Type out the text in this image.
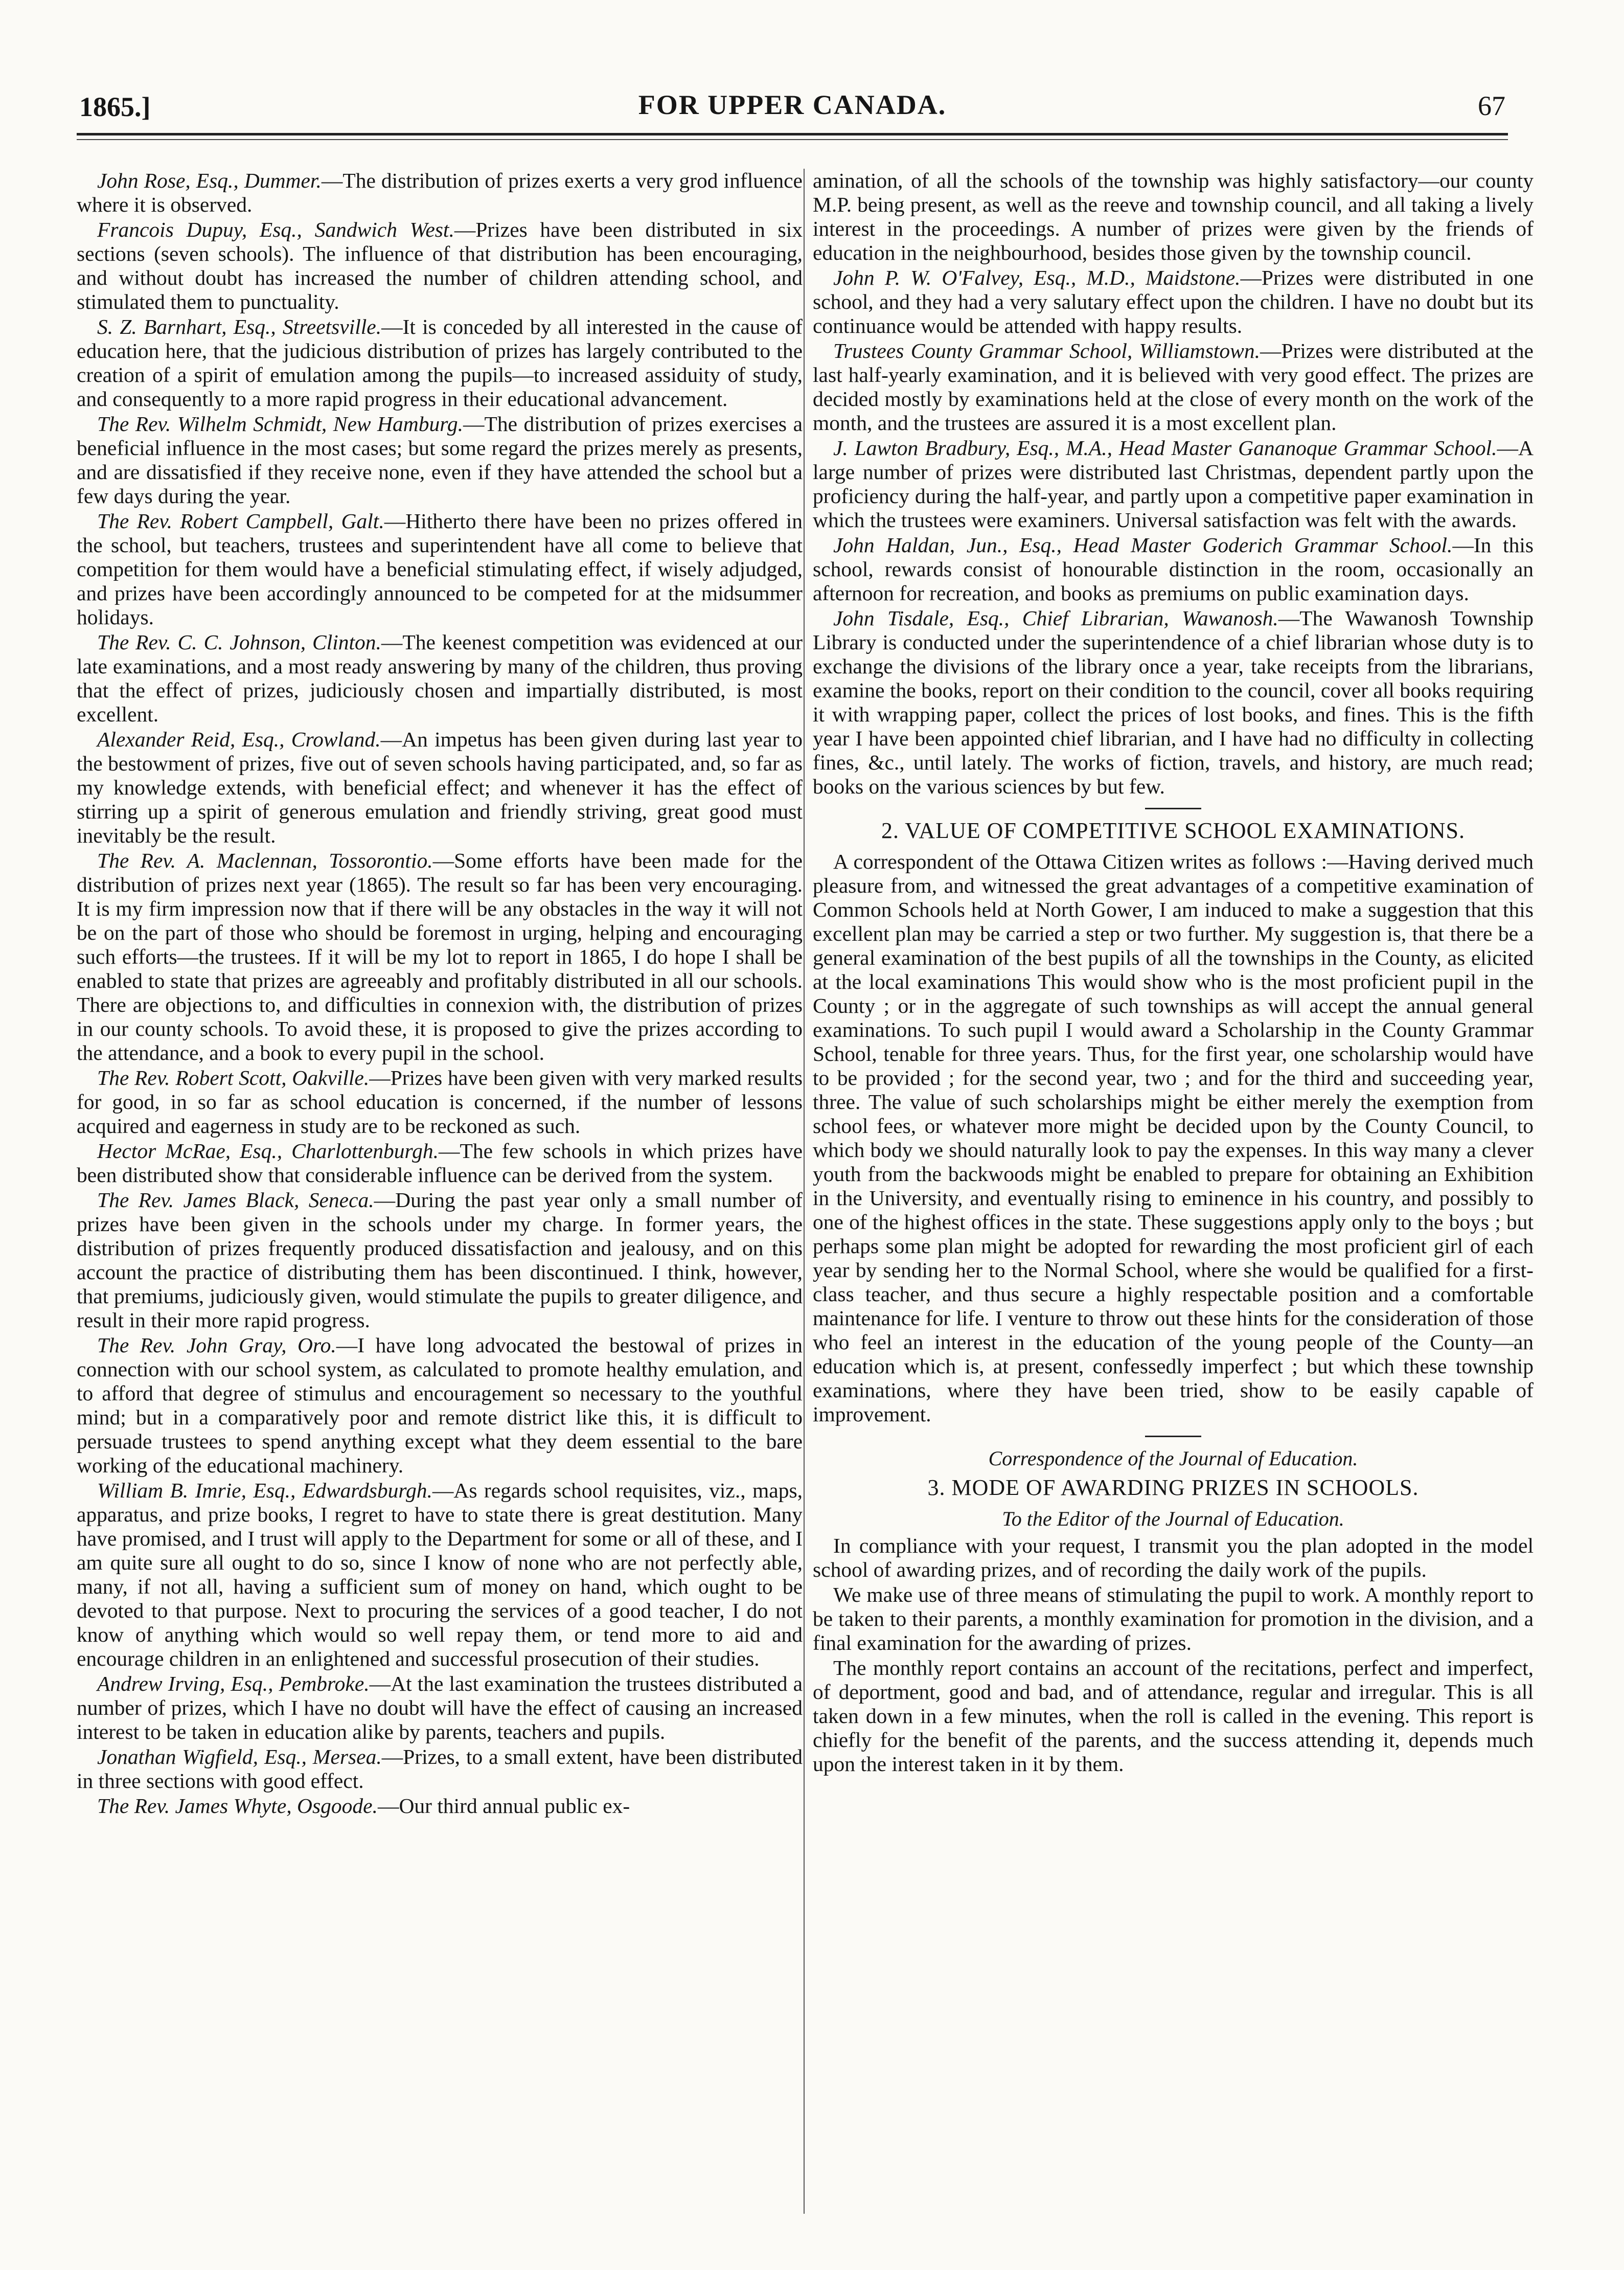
1865.]	FOR UPPER CANADA.	67

John Rose, Esq., Dummer.—The distribution of prizes exerts a very grod influence where it is observed.

Francois Dupuy, Esq., Sandwich West.—Prizes have been distributed in six sections (seven schools). The influence of that distribution has been encouraging, and without doubt has increased the number of children attending school, and stimulated them to punctuality.

S. Z. Barnhart, Esq., Streetsville.—It is conceded by all interested in the cause of education here, that the judicious distribution of prizes has largely contributed to the creation of a spirit of emulation among the pupils—to increased assiduity of study, and consequently to a more rapid progress in their educational advancement.

The Rev. Wilhelm Schmidt, New Hamburg.—The distribution of prizes exercises a beneficial influence in the most cases; but some regard the prizes merely as presents, and are dissatisfied if they receive none, even if they have attended the school but a few days during the year.

The Rev. Robert Campbell, Galt.—Hitherto there have been no prizes offered in the school, but teachers, trustees and superintendent have all come to believe that competition for them would have a beneficial stimulating effect, if wisely adjudged, and prizes have been accordingly announced to be competed for at the midsummer holidays.

The Rev. C. C. Johnson, Clinton.—The keenest competition was evidenced at our late examinations, and a most ready answering by many of the children, thus proving that the effect of prizes, judiciously chosen and impartially distributed, is most excellent.

Alexander Reid, Esq., Crowland.—An impetus has been given during last year to the bestowment of prizes, five out of seven schools having participated, and, so far as my knowledge extends, with beneficial effect; and whenever it has the effect of stirring up a spirit of generous emulation and friendly striving, great good must inevitably be the result.

The Rev. A. Maclennan, Tossorontio.—Some efforts have been made for the distribution of prizes next year (1865). The result so far has been very encouraging. It is my firm impression now that if there will be any obstacles in the way it will not be on the part of those who should be foremost in urging, helping and encouraging such efforts—the trustees. If it will be my lot to report in 1865, I do hope I shall be enabled to state that prizes are agreeably and profitably distributed in all our schools. There are objections to, and difficulties in connexion with, the distribution of prizes in our county schools. To avoid these, it is proposed to give the prizes according to the attendance, and a book to every pupil in the school.

The Rev. Robert Scott, Oakville.—Prizes have been given with very marked results for good, in so far as school education is concerned, if the number of lessons acquired and eagerness in study are to be reckoned as such.

Hector McRae, Esq., Charlottenburgh.—The few schools in which prizes have been distributed show that considerable influence can be derived from the system.

The Rev. James Black, Seneca.—During the past year only a small number of prizes have been given in the schools under my charge. In former years, the distribution of prizes frequently produced dissatisfaction and jealousy, and on this account the practice of distributing them has been discontinued. I think, however, that premiums, judiciously given, would stimulate the pupils to greater diligence, and result in their more rapid progress.

The Rev. John Gray, Oro.—I have long advocated the bestowal of prizes in connection with our school system, as calculated to promote healthy emulation, and to afford that degree of stimulus and encouragement so necessary to the youthful mind; but in a comparatively poor and remote district like this, it is difficult to persuade trustees to spend anything except what they deem essential to the bare working of the educational machinery.

William B. Imrie, Esq., Edwardsburgh.—As regards school requisites, viz., maps, apparatus, and prize books, I regret to have to state there is great destitution. Many have promised, and I trust will apply to the Department for some or all of these, and I am quite sure all ought to do so, since I know of none who are not perfectly able, many, if not all, having a sufficient sum of money on hand, which ought to be devoted to that purpose. Next to procuring the services of a good teacher, I do not know of anything which would so well repay them, or tend more to aid and encourage children in an enlightened and successful prosecution of their studies.

Andrew Irving, Esq., Pembroke.—At the last examination the trustees distributed a number of prizes, which I have no doubt will have the effect of causing an increased interest to be taken in education alike by parents, teachers and pupils.

Jonathan Wigfield, Esq., Mersea.—Prizes, to a small extent, have been distributed in three sections with good effect.

The Rev. James Whyte, Osgoode.—Our third annual public ex-

amination, of all the schools of the township was highly satisfactory—our county M.P. being present, as well as the reeve and township council, and all taking a lively interest in the proceedings. A number of prizes were given by the friends of education in the neighbourhood, besides those given by the township council.

John P. W. O'Falvey, Esq., M.D., Maidstone.—Prizes were distributed in one school, and they had a very salutary effect upon the children. I have no doubt but its continuance would be attended with happy results.

Trustees County Grammar School, Williamstown.—Prizes were distributed at the last half-yearly examination, and it is believed with very good effect. The prizes are decided mostly by examinations held at the close of every month on the work of the month, and the trustees are assured it is a most excellent plan.

J. Lawton Bradbury, Esq., M.A., Head Master Gananoque Grammar School.—A large number of prizes were distributed last Christmas, dependent partly upon the proficiency during the half-year, and partly upon a competitive paper examination in which the trustees were examiners. Universal satisfaction was felt with the awards.

John Haldan, Jun., Esq., Head Master Goderich Grammar School.—In this school, rewards consist of honourable distinction in the room, occasionally an afternoon for recreation, and books as premiums on public examination days.

John Tisdale, Esq., Chief Librarian, Wawanosh.—The Wawanosh Township Library is conducted under the superintendence of a chief librarian whose duty is to exchange the divisions of the library once a year, take receipts from the librarians, examine the books, report on their condition to the council, cover all books requiring it with wrapping paper, collect the prices of lost books, and fines. This is the fifth year I have been appointed chief librarian, and I have had no difficulty in collecting fines, &c., until lately. The works of fiction, travels, and history, are much read; books on the various sciences by but few.

2. VALUE OF COMPETITIVE SCHOOL EXAMINATIONS.

A correspondent of the Ottawa Citizen writes as follows :—Having derived much pleasure from, and witnessed the great advantages of a competitive examination of Common Schools held at North Gower, I am induced to make a suggestion that this excellent plan may be carried a step or two further. My suggestion is, that there be a general examination of the best pupils of all the townships in the County, as elicited at the local examinations This would show who is the most proficient pupil in the County ; or in the aggregate of such townships as will accept the annual general examinations. To such pupil I would award a Scholarship in the County Grammar School, tenable for three years. Thus, for the first year, one scholarship would have to be provided ; for the second year, two ; and for the third and succeeding year, three. The value of such scholarships might be either merely the exemption from school fees, or whatever more might be decided upon by the County Council, to which body we should naturally look to pay the expenses. In this way many a clever youth from the backwoods might be enabled to prepare for obtaining an Exhibition in the University, and eventually rising to eminence in his country, and possibly to one of the highest offices in the state. These suggestions apply only to the boys ; but perhaps some plan might be adopted for rewarding the most proficient girl of each year by sending her to the Normal School, where she would be qualified for a first-class teacher, and thus secure a highly respectable position and a comfortable maintenance for life. I venture to throw out these hints for the consideration of those who feel an interest in the education of the young people of the County—an education which is, at present, confessedly imperfect ; but which these township examinations, where they have been tried, show to be easily capable of improvement.

Correspondence of the Journal of Education.
3. MODE OF AWARDING PRIZES IN SCHOOLS.
To the Editor of the Journal of Education.

In compliance with your request, I transmit you the plan adopted in the model school of awarding prizes, and of recording the daily work of the pupils.

We make use of three means of stimulating the pupil to work. A monthly report to be taken to their parents, a monthly examination for promotion in the division, and a final examination for the awarding of prizes.

The monthly report contains an account of the recitations, perfect and imperfect, of deportment, good and bad, and of attendance, regular and irregular. This is all taken down in a few minutes, when the roll is called in the evening. This report is chiefly for the benefit of the parents, and the success attending it, depends much upon the interest taken in it by them.
